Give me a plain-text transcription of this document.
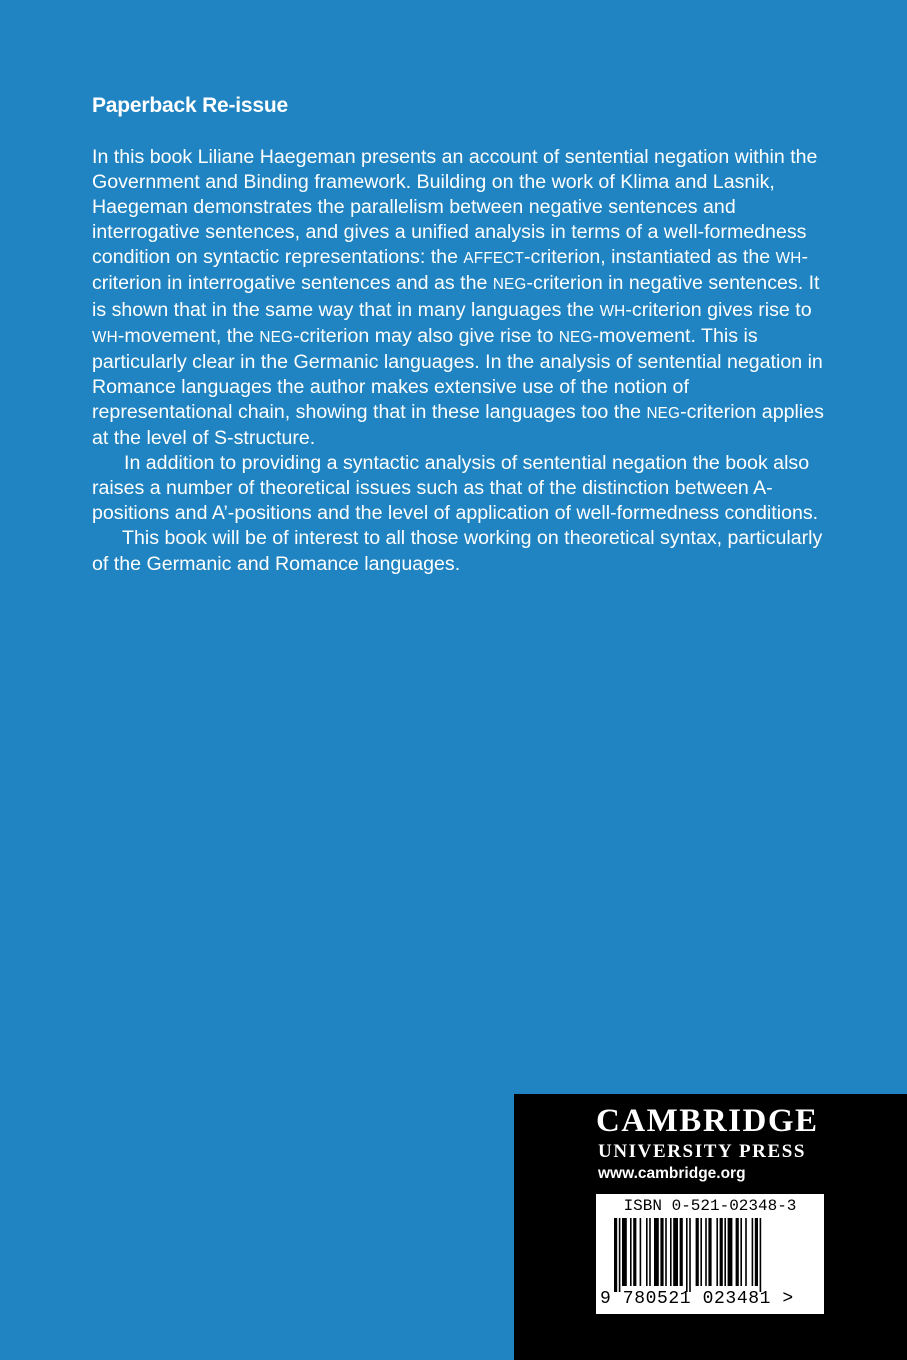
Paperback Re-issue

In this book Liliane Haegeman presents an account of sentential negation within the Government and Binding framework. Building on the work of Klima and Lasnik, Haegeman demonstrates the parallelism between negative sentences and interrogative sentences, and gives a unified analysis in terms of a well-formedness condition on syntactic representations: the AFFECT-criterion, instantiated as the WH-criterion in interrogative sentences and as the NEG-criterion in negative sentences. It is shown that in the same way that in many languages the WH-criterion gives rise to WH-movement, the NEG-criterion may also give rise to NEG-movement. This is particularly clear in the Germanic languages. In the analysis of sentential negation in Romance languages the author makes extensive use of the notion of representational chain, showing that in these languages too the NEG-criterion applies at the level of S-structure.

In addition to providing a syntactic analysis of sentential negation the book also raises a number of theoretical issues such as that of the distinction between A-positions and A’-positions and the level of application of well-formedness conditions.

This book will be of interest to all those working on theoretical syntax, particularly of the Germanic and Romance languages.

CAMBRIDGE
UNIVERSITY PRESS
www.cambridge.org
ISBN 0-521-02348-3
9 780521 023481 >
